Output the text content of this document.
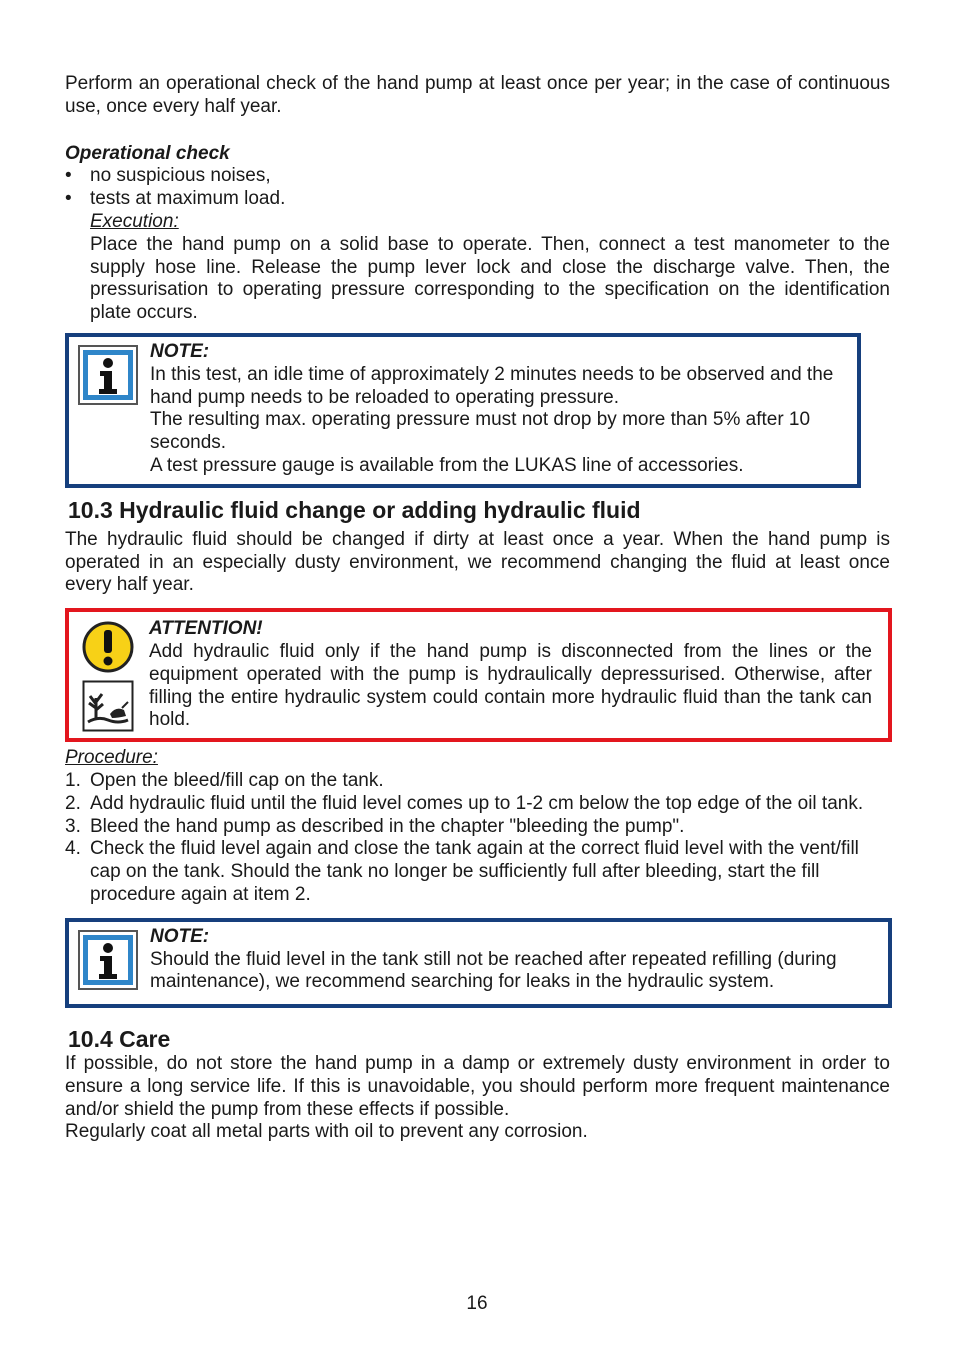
Perform an operational check of the hand pump at least once per year; in the case of continuous use, once every half year.

Operational check

• no suspicious noises,
• tests at maximum load.

Execution:

Place the hand pump on a solid base to operate. Then, connect a test manometer to the supply hose line. Release the pump lever lock and close the discharge valve. Then, the pressurisation to operating pressure corresponding to the specification on the identification plate occurs.

NOTE:

In this test, an idle time of approximately 2 minutes needs to be observed and the hand pump needs to be reloaded to operating pressure.

The resulting max. operating pressure must not drop by more than 5% after 10 seconds.

A test pressure gauge is available from the LUKAS line of accessories.

10.3 Hydraulic fluid change or adding hydraulic fluid

The hydraulic fluid should be changed if dirty at least once a year. When the hand pump is operated in an especially dusty environment, we recommend changing the fluid at least once every half year.

ATTENTION!

Add hydraulic fluid only if the hand pump is disconnected from the lines or the equipment operated with the pump is hydraulically depressurised. Otherwise, after filling the entire hydraulic system could contain more hydraulic fluid than the tank can hold.

Procedure:

1. Open the bleed/fill cap on the tank.
2. Add hydraulic fluid until the fluid level comes up to 1-2 cm below the top edge of the oil tank.
3. Bleed the hand pump as described in the chapter "bleeding the pump".
4. Check the fluid level again and close the tank again at the correct fluid level with the vent/fill cap on the tank. Should the tank no longer be sufficiently full after bleeding, start the fill procedure again at item 2.

NOTE:

Should the fluid level in the tank still not be reached after repeated refilling (during maintenance), we recommend searching for leaks in the hydraulic system.

10.4 Care

If possible, do not store the hand pump in a damp or extremely dusty environment in order to ensure a long service life. If this is unavoidable, you should perform more frequent maintenance and/or shield the pump from these effects if possible.

Regularly coat all metal parts with oil to prevent any corrosion.

16
